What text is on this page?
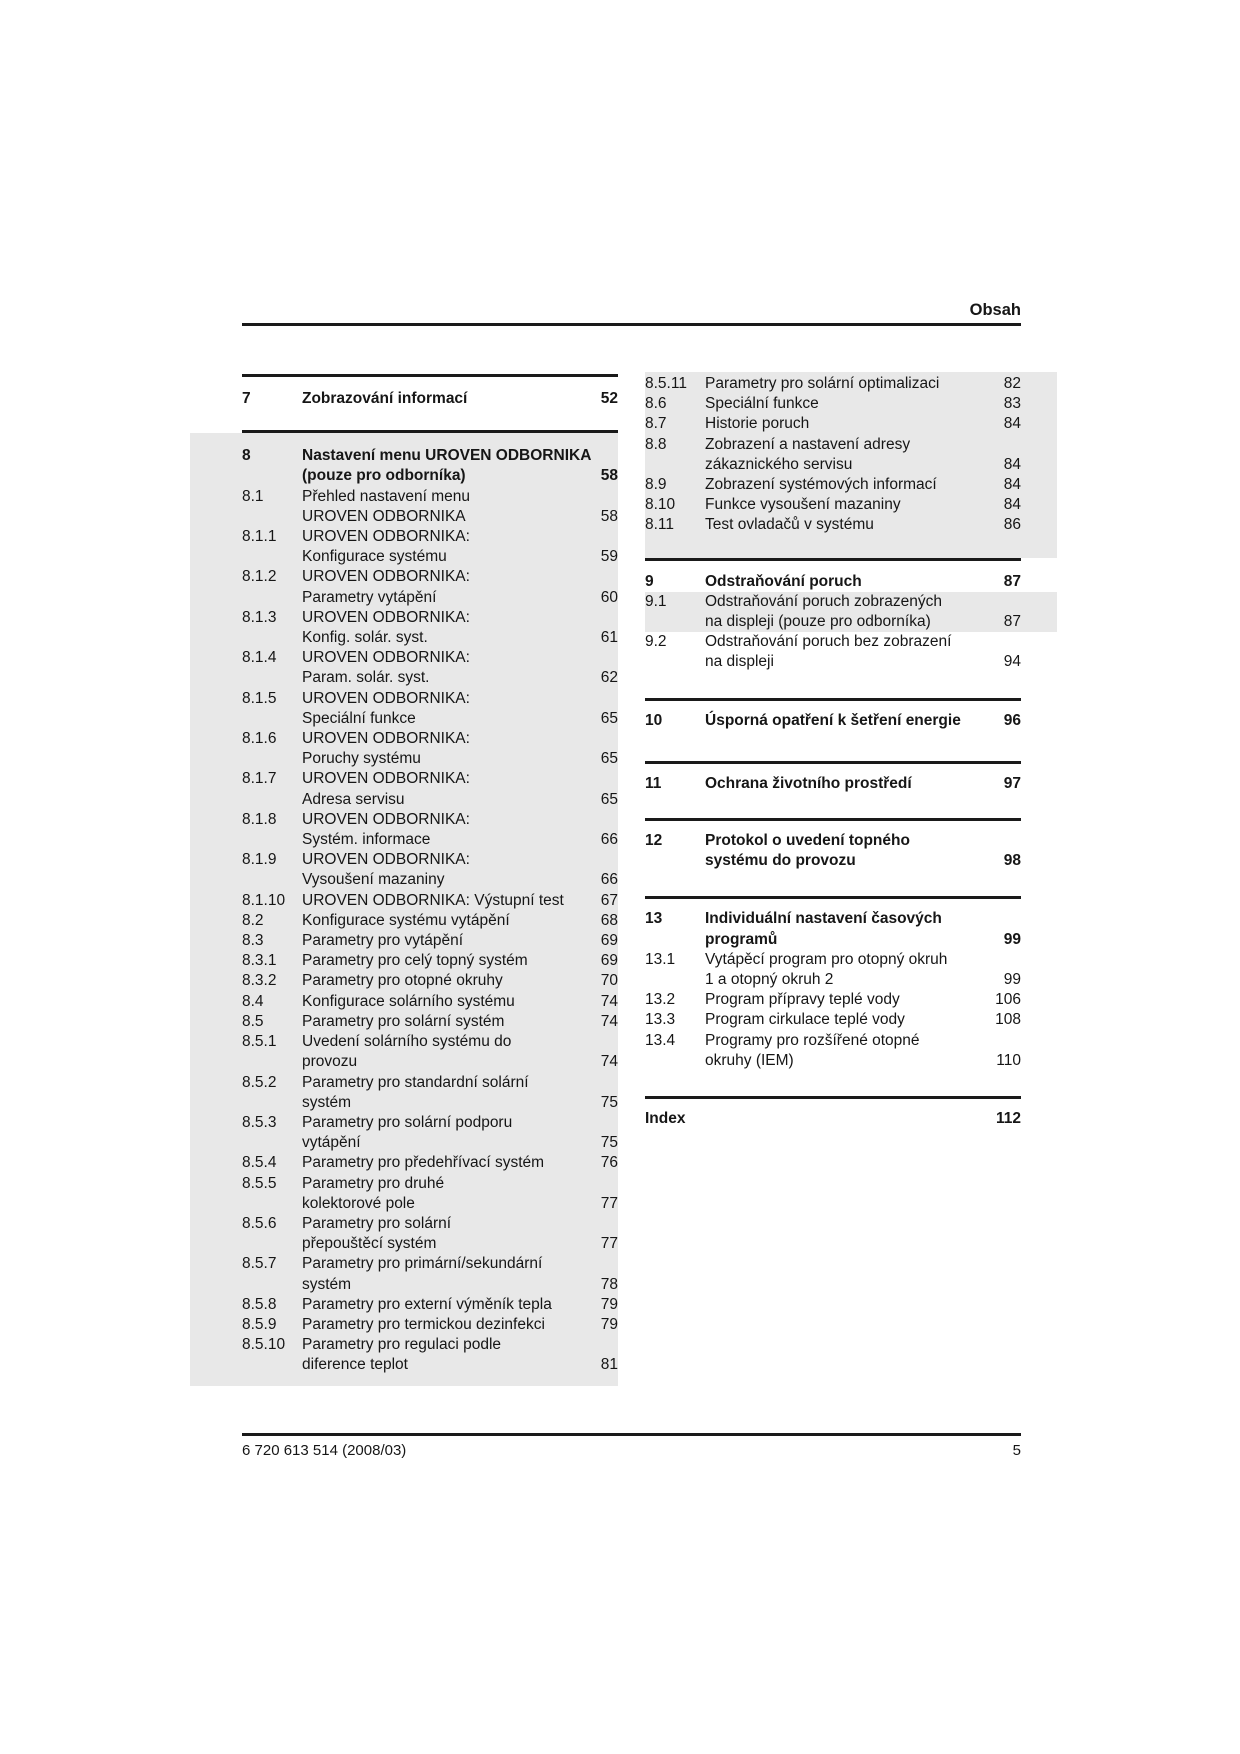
Obsah
7	Zobrazování informací	52
8	Nastavení menu UROVEN ODBORNIKA
(pouze pro odborníka)	58
8.1	Přehled nastavení menu
UROVEN ODBORNIKA	58
8.1.1	UROVEN ODBORNIKA:
Konfigurace systému	59
8.1.2	UROVEN ODBORNIKA:
Parametry vytápění	60
8.1.3	UROVEN ODBORNIKA:
Konfig. solár. syst.	61
8.1.4	UROVEN ODBORNIKA:
Param. solár. syst.	62
8.1.5	UROVEN ODBORNIKA:
Speciální funkce	65
8.1.6	UROVEN ODBORNIKA:
Poruchy systému	65
8.1.7	UROVEN ODBORNIKA:
Adresa servisu	65
8.1.8	UROVEN ODBORNIKA:
Systém. informace	66
8.1.9	UROVEN ODBORNIKA:
Vysoušení mazaniny	66
8.1.10	UROVEN ODBORNIKA: Výstupní test	67
8.2	Konfigurace systému vytápění	68
8.3	Parametry pro vytápění	69
8.3.1	Parametry pro celý topný systém	69
8.3.2	Parametry pro otopné okruhy	70
8.4	Konfigurace solárního systému	74
8.5	Parametry pro solární systém	74
8.5.1	Uvedení solárního systému do
provozu	74
8.5.2	Parametry pro standardní solární
systém	75
8.5.3	Parametry pro solární podporu
vytápění	75
8.5.4	Parametry pro předehřívací systém	76
8.5.5	Parametry pro druhé
kolektorové pole	77
8.5.6	Parametry pro solární
přepouštěcí systém	77
8.5.7	Parametry pro primární/sekundární
systém	78
8.5.8	Parametry pro externí výměník tepla	79
8.5.9	Parametry pro termickou dezinfekci	79
8.5.10	Parametry pro regulaci podle
diference teplot	81
8.5.11	Parametry pro solární optimalizaci	82
8.6	Speciální funkce	83
8.7	Historie poruch	84
8.8	Zobrazení a nastavení adresy
zákaznického servisu	84
8.9	Zobrazení systémových informací	84
8.10	Funkce vysoušení mazaniny	84
8.11	Test ovladačů v systému	86
9	Odstraňování poruch	87
9.1	Odstraňování poruch zobrazených
na displeji (pouze pro odborníka)	87
9.2	Odstraňování poruch bez zobrazení
na displeji	94
10	Úsporná opatření k šetření energie	96
11	Ochrana životního prostředí	97
12	Protokol o uvedení topného
systému do provozu	98
13	Individuální nastavení časových
programů	99
13.1	Vytápěcí program pro otopný okruh
1 a otopný okruh 2	99
13.2	Program přípravy teplé vody	106
13.3	Program cirkulace teplé vody	108
13.4	Programy pro rozšířené otopné
okruhy (IEM)	110
Index	112
6 720 613 514 (2008/03)	5
